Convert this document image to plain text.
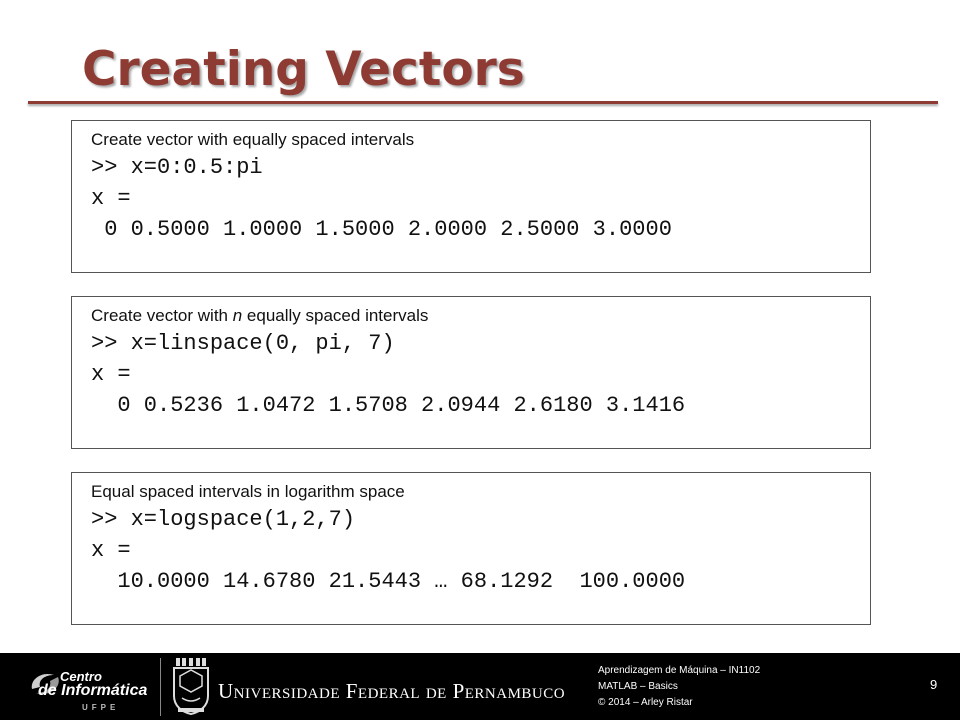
Creating Vectors
Create vector with equally spaced intervals
>> x=0:0.5:pi
x =
0 0.5000 1.0000 1.5000 2.0000 2.5000 3.0000
Create vector with n equally spaced intervals
>> x=linspace(0, pi, 7)
x =
0 0.5236 1.0472 1.5708 2.0944 2.6180 3.1416
Equal spaced intervals in logarithm space
>> x=logspace(1,2,7)
x =
10.0000 14.6780 21.5443 … 68.1292  100.0000
Centro
de Informática
UFPE
Universidade Federal de Pernambuco
Aprendizagem de Máquina – IN1102
MATLAB – Basics
© 2014 – Arley Ristar
9
